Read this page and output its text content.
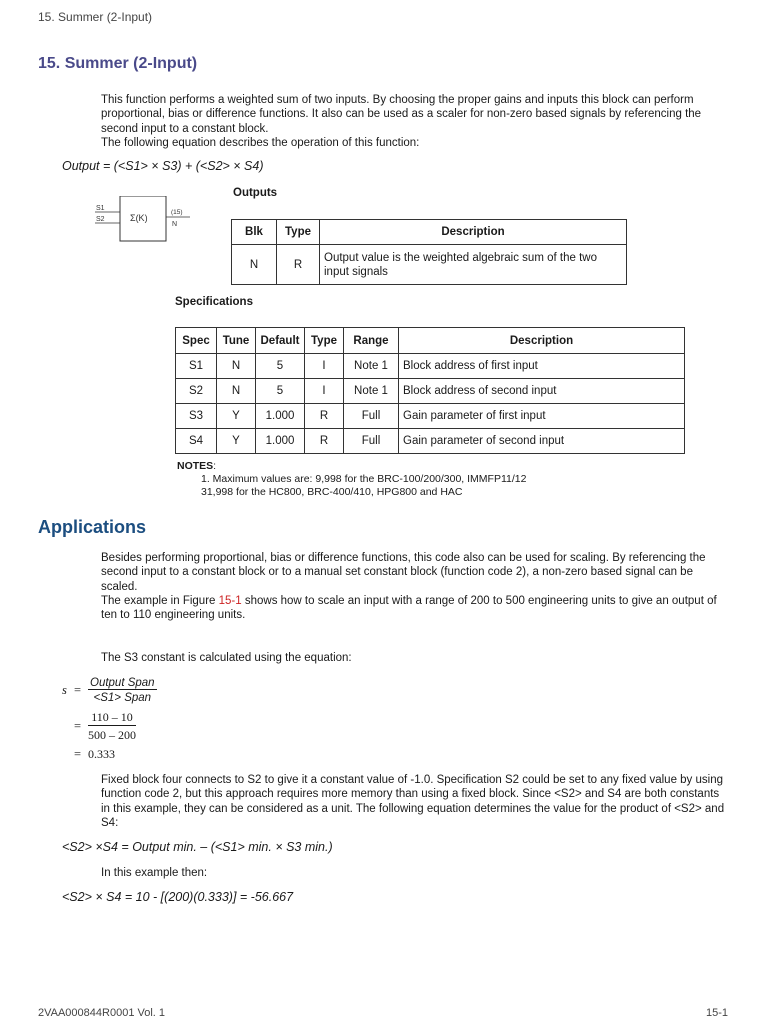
15. Summer (2-Input)
15. Summer (2-Input)
This function performs a weighted sum of two inputs. By choosing the proper gains and inputs this block can perform
proportional, bias or difference functions. It also can be used as a scaler for non-zero based signals by referencing the
second input to a constant block.
The following equation describes the operation of this function:
Output = (<S1> × S3) + (<S2> × S4)
S1
S2	Σ(K)
(15)
N
Outputs
Blk	Type	Description
N	R	Output value is the weighted algebraic sum of the two
input signals
Specifications
Spec	Tune	Default	Type	Range	Description
S1	N	5	I	Note 1	Block address of first input
S2	N	5	I	Note 1	Block address of second input
S3	Y	1.000	R	Full	Gain parameter of first input
S4	Y	1.000	R	Full	Gain parameter of second input
NOTES:
1. Maximum values are: 9,998 for the BRC-100/200/300, IMMFP11/12
31,998 for the HC800, BRC-400/410, HPG800 and HAC
Applications
Besides performing proportional, bias or difference functions, this code also can be used for scaling. By referencing the
second input to a constant block or to a manual set constant block (function code 2), a non-zero based signal can be
scaled.
The example in Figure 15-1 shows how to scale an input with a range of 200 to 500 engineering units to give an output of
ten to 110 engineering units.
The S3 constant is calculated using the equation:
$s = \frac{\text{Output Span}}{\text{<S1> Span}}$
= $\frac{110 - 10}{500 - 200}$
= 0.333
Fixed block four connects to S2 to give it a constant value of -1.0. Specification S2 could be set to any fixed value by using
function code 2, but this approach requires more memory than using a fixed block. Since <S2> and S4 are both constants
in this example, they can be considered as a unit. The following equation determines the value for the product of <S2> and
S4:
<S2> ×S4 = Output min. – (<S1> min. × S3 min.)
In this example then:
<S2> × S4 = 10 - [(200)(0.333)] = -56.667
2VAA000844R0001 Vol. 1	15-1
